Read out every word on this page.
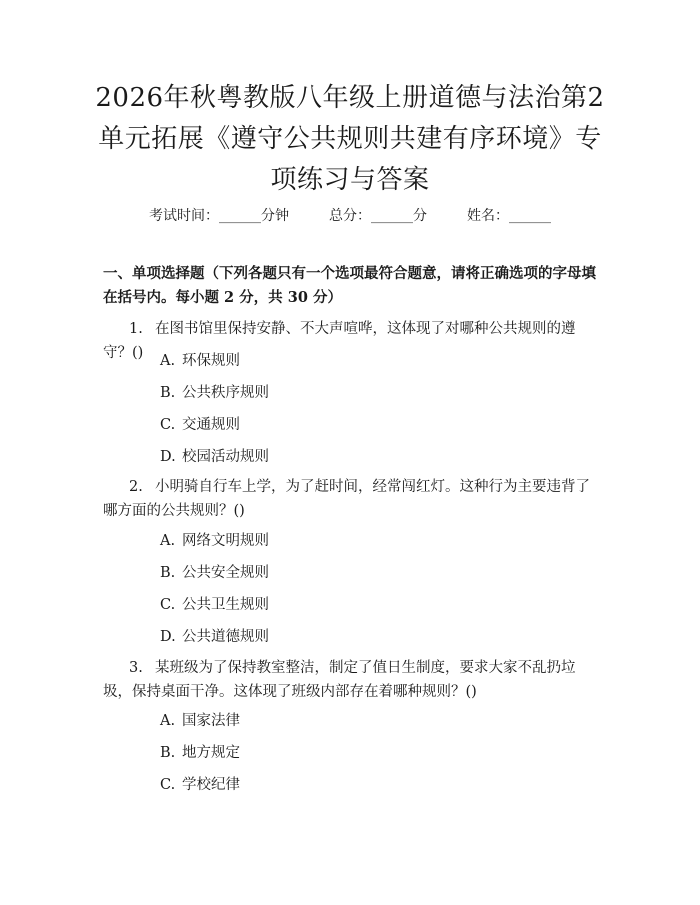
2026年秋粤教版八年级上册道德与法治第2
单元拓展《遵守公共规则共建有序环境》专
项练习与答案
考试时间：______分钟	总分：______分	姓名：______
一、单项选择题（下列各题只有一个选项最符合题意，请将正确选项的字母填在括号内。每小题 2 分，共 30 分）
1. 在图书馆里保持安静、不大声喧哗，这体现了对哪种公共规则的遵守？()	A. 环保规则
B. 公共秩序规则
C. 交通规则
D. 校园活动规则
2. 小明骑自行车上学，为了赶时间，经常闯红灯。这种行为主要违背了哪方面的公共规则？()
A. 网络文明规则
B. 公共安全规则
C. 公共卫生规则
D. 公共道德规则
3. 某班级为了保持教室整洁，制定了值日生制度，要求大家不乱扔垃圾，保持桌面干净。这体现了班级内部存在着哪种规则？()
A. 国家法律
B. 地方规定
C. 学校纪律
